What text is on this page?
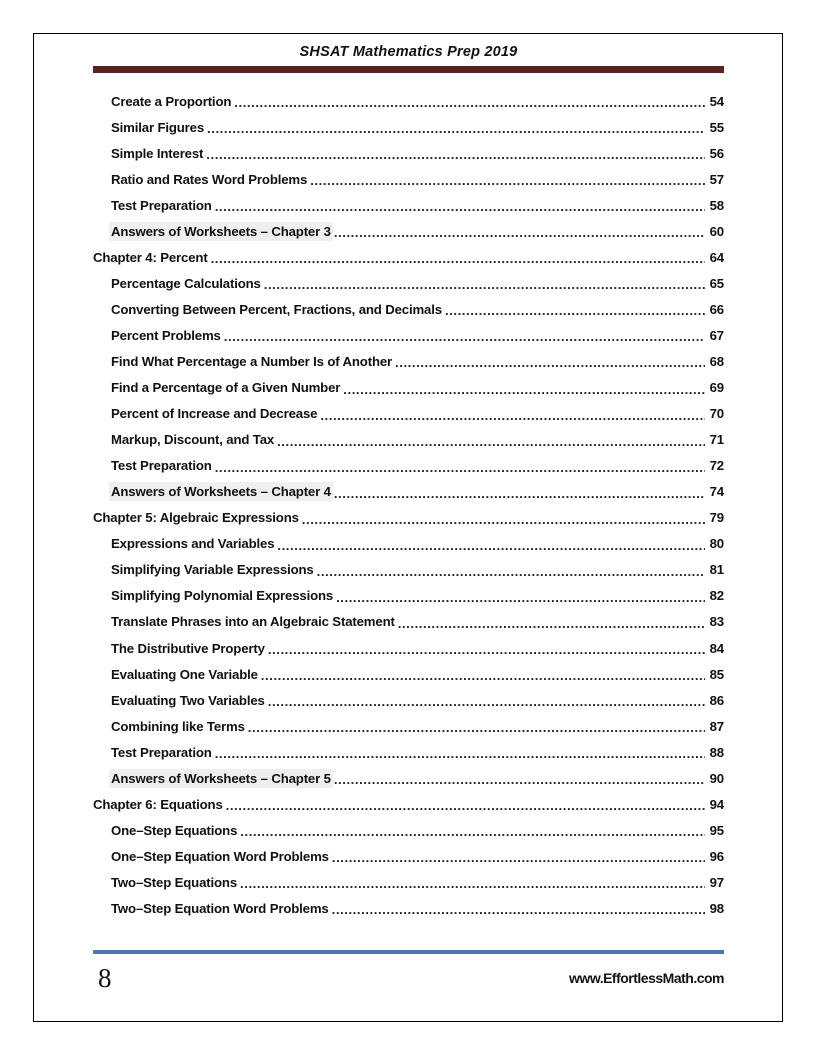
SHSAT Mathematics Prep 2019
Create a Proportion .....	54
Similar Figures .....	55
Simple Interest .....	56
Ratio and Rates Word Problems .....	57
Test Preparation .....	58
Answers of Worksheets – Chapter 3 .....	60
Chapter 4: Percent .....	64
Percentage Calculations .....	65
Converting Between Percent, Fractions, and Decimals .....	66
Percent Problems .....	67
Find What Percentage a Number Is of Another .....	68
Find a Percentage of a Given Number .....	69
Percent of Increase and Decrease .....	70
Markup, Discount, and Tax .....	71
Test Preparation .....	72
Answers of Worksheets – Chapter 4 .....	74
Chapter 5: Algebraic Expressions .....	79
Expressions and Variables .....	80
Simplifying Variable Expressions .....	81
Simplifying Polynomial Expressions .....	82
Translate Phrases into an Algebraic Statement .....	83
The Distributive Property .....	84
Evaluating One Variable .....	85
Evaluating Two Variables .....	86
Combining like Terms .....	87
Test Preparation .....	88
Answers of Worksheets – Chapter 5 .....	90
Chapter 6: Equations .....	94
One–Step Equations .....	95
One–Step Equation Word Problems .....	96
Two–Step Equations .....	97
Two–Step Equation Word Problems .....	98
8	www.EffortlessMath.com
